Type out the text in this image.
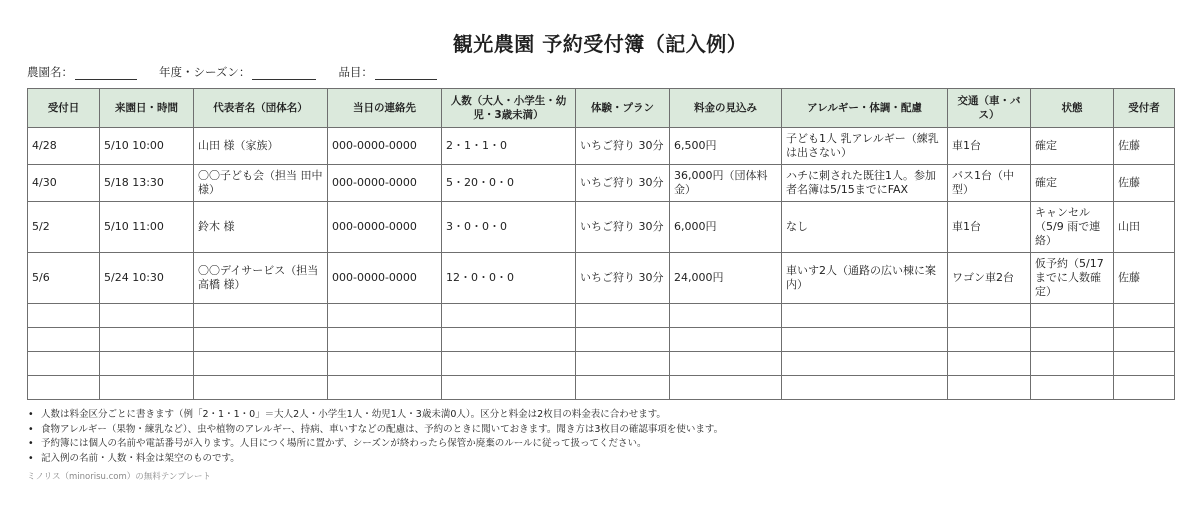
観光農園 予約受付簿（記入例）
農園名：	年度・シーズン：	品目：
受付日	来園日・時間	代表者名（団体名）	当日の連絡先	人数（大人・小学生・幼児・3歳未満）	体験・プラン	料金の見込み	アレルギー・体調・配慮	交通（車・バス）	状態	受付者
4/28	5/10 10:00	山田 様（家族）	000-0000-0000	2・1・1・0	いちご狩り 30分	6,500円	子ども1人 乳アレルギー（練乳は出さない）	車1台	確定	佐藤
4/30	5/18 13:30	〇〇子ども会（担当 田中 様）	000-0000-0000	5・20・0・0	いちご狩り 30分	36,000円（団体料金）	ハチに刺された既往1人。参加者名簿は5/15までにFAX	バス1台（中型）	確定	佐藤
5/2	5/10 11:00	鈴木 様	000-0000-0000	3・0・0・0	いちご狩り 30分	6,000円	なし	車1台	キャンセル（5/9 雨で連絡）	山田
5/6	5/24 10:30	〇〇デイサービス（担当 高橋 様）	000-0000-0000	12・0・0・0	いちご狩り 30分	24,000円	車いす2人（通路の広い棟に案内）	ワゴン車2台	仮予約（5/17までに人数確定）	佐藤

• 人数は料金区分ごとに書きます（例「2・1・1・0」＝大人2人・小学生1人・幼児1人・3歳未満0人）。区分と料金は2枚目の料金表に合わせます。
• 食物アレルギー（果物・練乳など）、虫や植物のアレルギー、持病、車いすなどの配慮は、予約のときに聞いておきます。聞き方は3枚目の確認事項を使います。
• 予約簿には個人の名前や電話番号が入ります。人目につく場所に置かず、シーズンが終わったら保管か廃棄のルールに従って扱ってください。
• 記入例の名前・人数・料金は架空のものです。
ミノリス（minorisu.com）の無料テンプレート
